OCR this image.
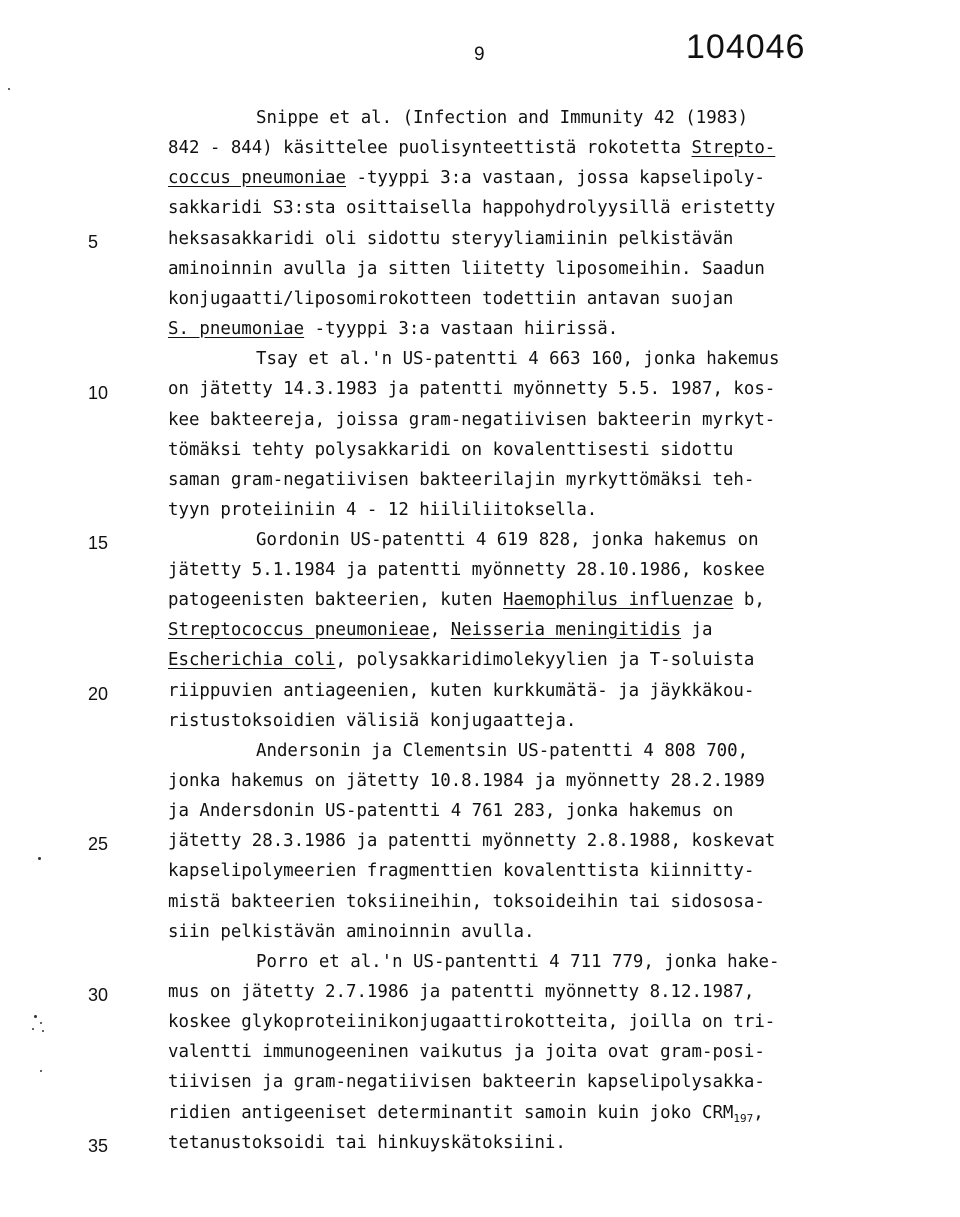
9	104046
5
10
15
20
25
30
35
Snippe et al. (Infection and Immunity 42 (1983)
842 - 844) käsittelee puolisynteettistä rokotetta Strepto-
coccus pneumoniae -tyyppi 3:a vastaan, jossa kapselipoly-
sakkaridi S3:sta osittaisella happohydrolyysillä eristetty
heksasakkaridi oli sidottu steryyliamiinin pelkistävän
aminoinnin avulla ja sitten liitetty liposomeihin. Saadun
konjugaatti/liposomirokotteen todettiin antavan suojan
S. pneumoniae -tyyppi 3:a vastaan hiirissä.
Tsay et al.'n US-patentti 4 663 160, jonka hakemus
on jätetty 14.3.1983 ja patentti myönnetty 5.5. 1987, kos-
kee bakteereja, joissa gram-negatiivisen bakteerin myrkyt-
tömäksi tehty polysakkaridi on kovalenttisesti sidottu
saman gram-negatiivisen bakteerilajin myrkyttömäksi teh-
tyyn proteiiniin 4 - 12 hiililiitoksella.
Gordonin US-patentti 4 619 828, jonka hakemus on
jätetty 5.1.1984 ja patentti myönnetty 28.10.1986, koskee
patogeenisten bakteerien, kuten Haemophilus influenzae b,
Streptococcus pneumonieae, Neisseria meningitidis ja
Escherichia coli, polysakkaridimolekyylien ja T-soluista
riippuvien antiageenien, kuten kurkkumätä- ja jäykkäkou-
ristustoksoidien välisiä konjugaatteja.
Andersonin ja Clementsin US-patentti 4 808 700,
jonka hakemus on jätetty 10.8.1984 ja myönnetty 28.2.1989
ja Andersdonin US-patentti 4 761 283, jonka hakemus on
jätetty 28.3.1986 ja patentti myönnetty 2.8.1988, koskevat
kapselipolymeerien fragmenttien kovalenttista kiinnitty-
mistä bakteerien toksiineihin, toksoideihin tai sidososa-
siin pelkistävän aminoinnin avulla.
Porro et al.'n US-pantentti 4 711 779, jonka hake-
mus on jätetty 2.7.1986 ja patentti myönnetty 8.12.1987,
koskee glykoproteiinikonjugaattirokotteita, joilla on tri-
valentti immunogeeninen vaikutus ja joita ovat gram-posi-
tiivisen ja gram-negatiivisen bakteerin kapselipolysakka-
ridien antigeeniset determinantit samoin kuin joko $CRM_{197}$,
tetanustoksoidi tai hinkuyskätoksiini.
